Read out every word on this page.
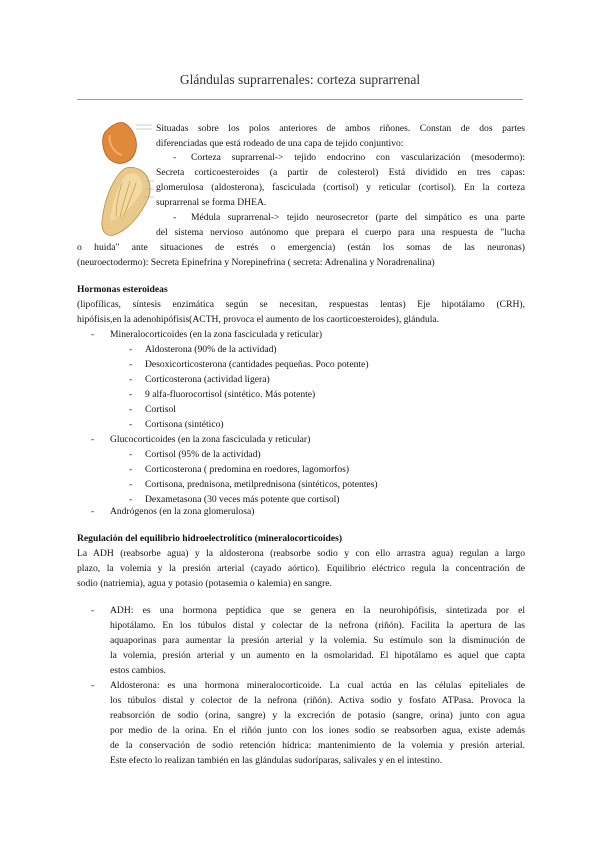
Glándulas suprarrenales: corteza suprarrenal
Situadas sobre los polos anteriores de ambos riñones. Constan de dos partes
diferenciadas que está rodeado de una capa de tejido conjuntivo:
- Corteza suprarrenal-> tejido endocrino con vascularización (mesodermo):
Secreta corticoesteroides (a partir de colesterol) Está dividido en tres capas:
glomerulosa (aldosterona), fasciculada (cortisol) y reticular (cortisol). En la corteza
suprarrenal se forma DHEA.
- Médula suprarrenal-> tejido neurosecretor (parte del simpático es una parte
del sistema nervioso autónomo que prepara el cuerpo para una respuesta de "lucha
o huida" ante situaciones de estrés o emergencia) (están los somas de las neuronas)
(neuroectodermo): Secreta Epinefrina y Norepinefrina ( secreta: Adrenalina y Noradrenalina)
Hormonas esteroideas
(lipofílicas, síntesis enzimática según se necesitan, respuestas lentas) Eje hipotálamo (CRH),
hipófisis,en la adenohipófisis(ACTH, provoca el aumento de los caorticoesteroides), glándula.
- Mineralocorticoides (en la zona fasciculada y reticular)
- Aldosterona (90% de la actividad)
- Desoxicorticosterona (cantidades pequeñas. Poco potente)
- Corticosterona (actividad ligera)
- 9 alfa-fluorocortisol (sintético. Más potente)
- Cortisol
- Cortisona (sintético)
- Glucocorticoides (en la zona fasciculada y reticular)
- Cortisol (95% de la actividad)
- Corticosterona ( predomina en roedores, lagomorfos)
- Cortisona, prednisona, metilprednisona (sintéticos, potentes)
- Dexametasona (30 veces más potente que cortisol)
- Andrógenos (en la zona glomerulosa)
Regulación del equilibrio hidroelectrolítico (mineralocorticoides)
La ADH (reabsorbe agua) y la aldosterona (reabsorbe sodio y con ello arrastra agua) regulan a largo
plazo, la volemia y la presión arterial (cayado aórtico). Equilibrio eléctrico regula la concentración de
sodio (natriemia), agua y potasio (potasemia o kalemia) en sangre.
- ADH: es una hormona peptídica que se genera en la neurohipófisis, sintetizada por el
hipotálamo. En los túbulos distal y colectar de la nefrona (riñón). Facilita la apertura de las
aquaporinas para aumentar la presión arterial y la volemia. Su estímulo son la disminución de
la volemia, presión arterial y un aumento en la osmolaridad. El hipotálamo es aquel que capta
estos cambios.
- Aldosterona: es una hormona mineralocorticoide. La cual actúa en las células epiteliales de
los túbulos distal y colector de la nefrona (riñón). Activa sodio y fosfato ATPasa. Provoca la
reabsorción de sodio (orina, sangre) y la excreción de potasio (sangre, orina) junto con agua
por medio de la orina. En el riñón junto con los iones sodio se reabsorben agua, existe además
de la conservación de sodio retención hídrica: mantenimiento de la volemia y presión arterial.
Este efecto lo realizan también en las glándulas sudoríparas, salivales y en el intestino.
